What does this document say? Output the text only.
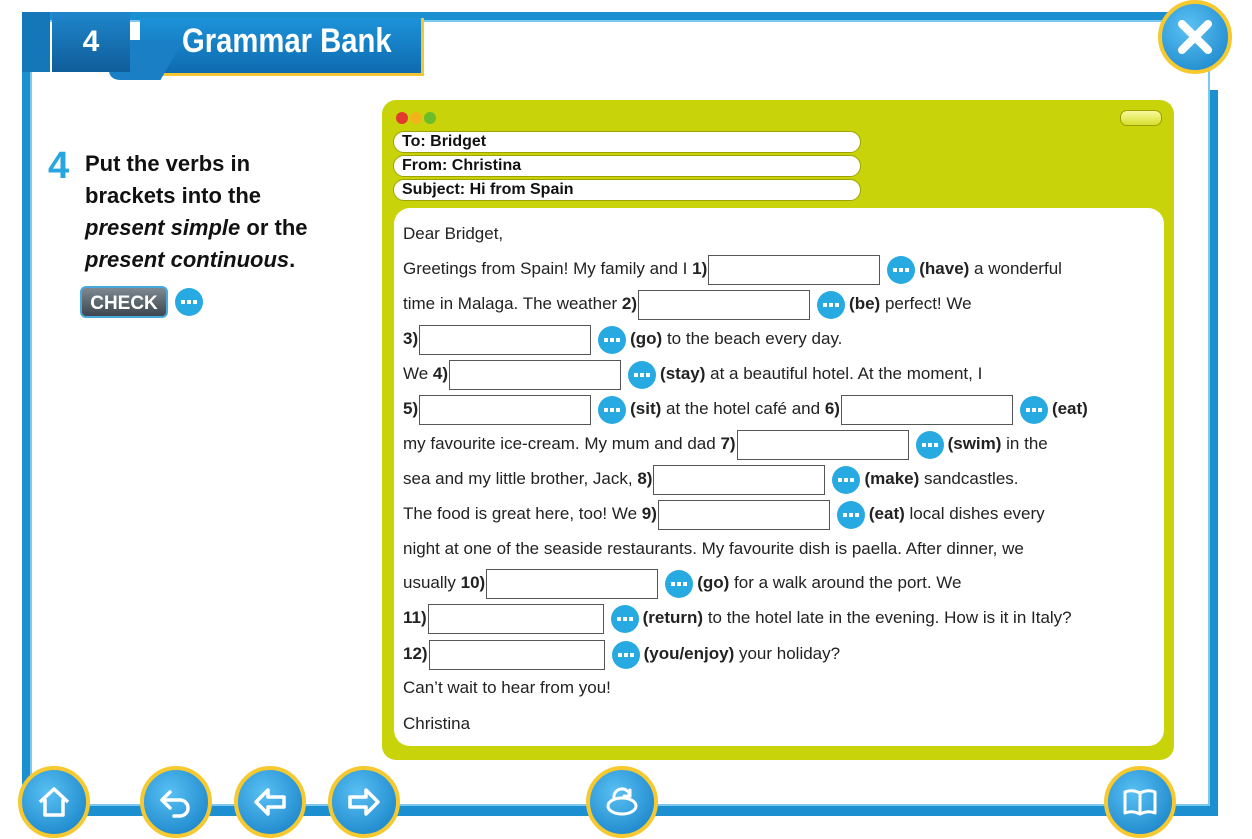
4	Grammar Bank
4 Put the verbs in
brackets into the
present simple or the
present continuous.
CHECK
To: Bridget
From: Christina
Subject: Hi from Spain
Dear Bridget,
Greetings from Spain! My family and I 1)	(have) a wonderful
time in Malaga. The weather 2)	(be) perfect! We
3)	(go) to the beach every day.
We 4)	(stay) at a beautiful hotel. At the moment, I
5)	(sit) at the hotel café and 6)	(eat)
my favourite ice-cream. My mum and dad 7)	(swim) in the
sea and my little brother, Jack, 8)	(make) sandcastles.
The food is great here, too! We 9)	(eat) local dishes every
night at one of the seaside restaurants. My favourite dish is paella. After dinner, we
usually 10)	(go) for a walk around the port. We
11)	(return) to the hotel late in the evening. How is it in Italy?
12)	(you/enjoy) your holiday?
Can’t wait to hear from you!
Christina
